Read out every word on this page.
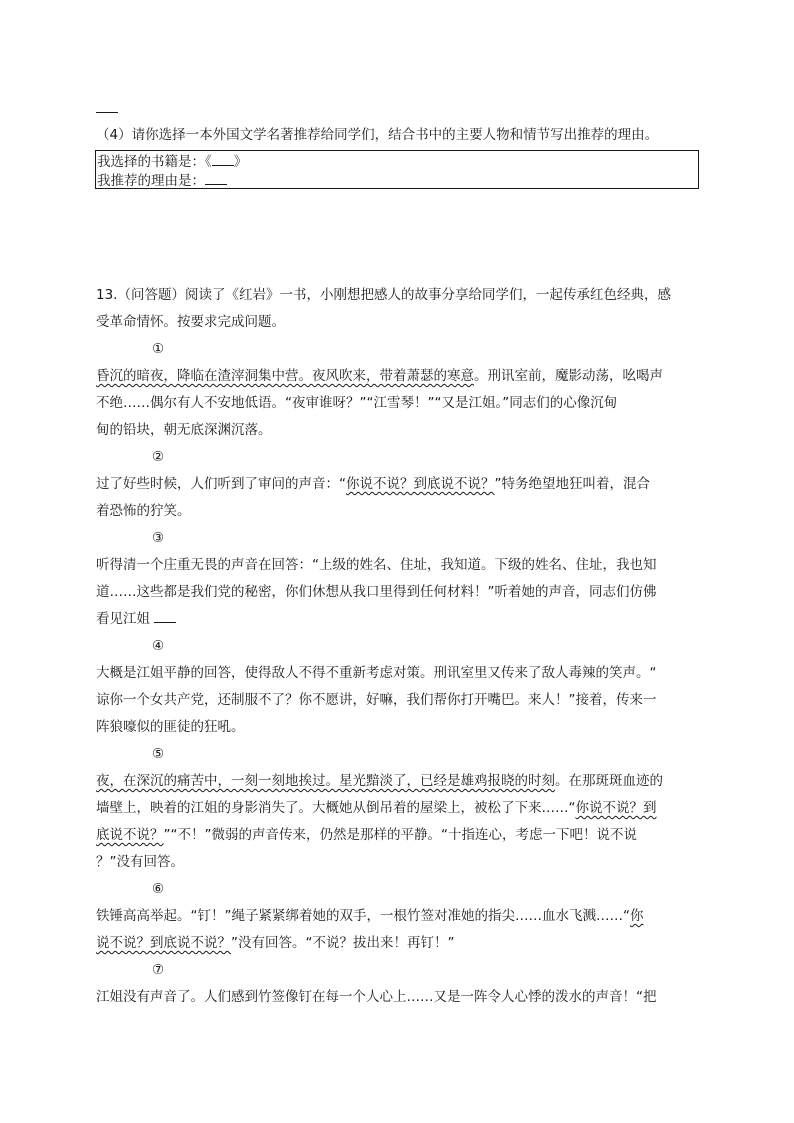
（4）请你选择一本外国文学名著推荐给同学们，结合书中的主要人物和情节写出推荐的理由。
我选择的书籍是：《 》
我推荐的理由是：
13.（问答题）阅读了《红岩》一书，小刚想把感人的故事分享给同学们，一起传承红色经典，感
受革命情怀。按要求完成问题。
①
昏沉的暗夜，降临在渣滓洞集中营。夜风吹来，带着萧瑟的寒意。刑讯室前，魔影动荡，吆喝声
不绝……偶尔有人不安地低语。“夜审谁呀？”“江雪琴！”“又是江姐。”同志们的心像沉甸
甸的铅块，朝无底深渊沉落。
②
过了好些时候，人们听到了审问的声音：“你说不说？到底说不说？”特务绝望地狂叫着，混合
着恐怖的狞笑。
③
听得清一个庄重无畏的声音在回答：“上级的姓名、住址，我知道。下级的姓名、住址，我也知
道……这些都是我们党的秘密，你们休想从我口里得到任何材料！”听着她的声音，同志们仿佛
看见江姐
④
大概是江姐平静的回答，使得敌人不得不重新考虑对策。刑讯室里又传来了敌人毒辣的笑声。“
谅你一个女共产党，还制服不了？你不愿讲，好嘛，我们帮你打开嘴巴。来人！”接着，传来一
阵狼嚎似的匪徒的狂吼。
⑤
夜，在深沉的痛苦中，一刻一刻地挨过。星光黯淡了，已经是雄鸡报晓的时刻。在那斑斑血迹的
墙壁上，映着的江姐的身影消失了。大概她从倒吊着的屋梁上，被松了下来……“你说不说？到
底说不说？”“不！”微弱的声音传来，仍然是那样的平静。“十指连心，考虑一下吧！说不说
？”没有回答。
⑥
铁锤高高举起。“钉！”绳子紧紧绑着她的双手，一根竹签对准她的指尖……血水飞溅……“你
说不说？到底说不说？”没有回答。“不说？拔出来！再钉！”
⑦
江姐没有声音了。人们感到竹签像钉在每一个人心上……又是一阵令人心悸的泼水的声音！“把
